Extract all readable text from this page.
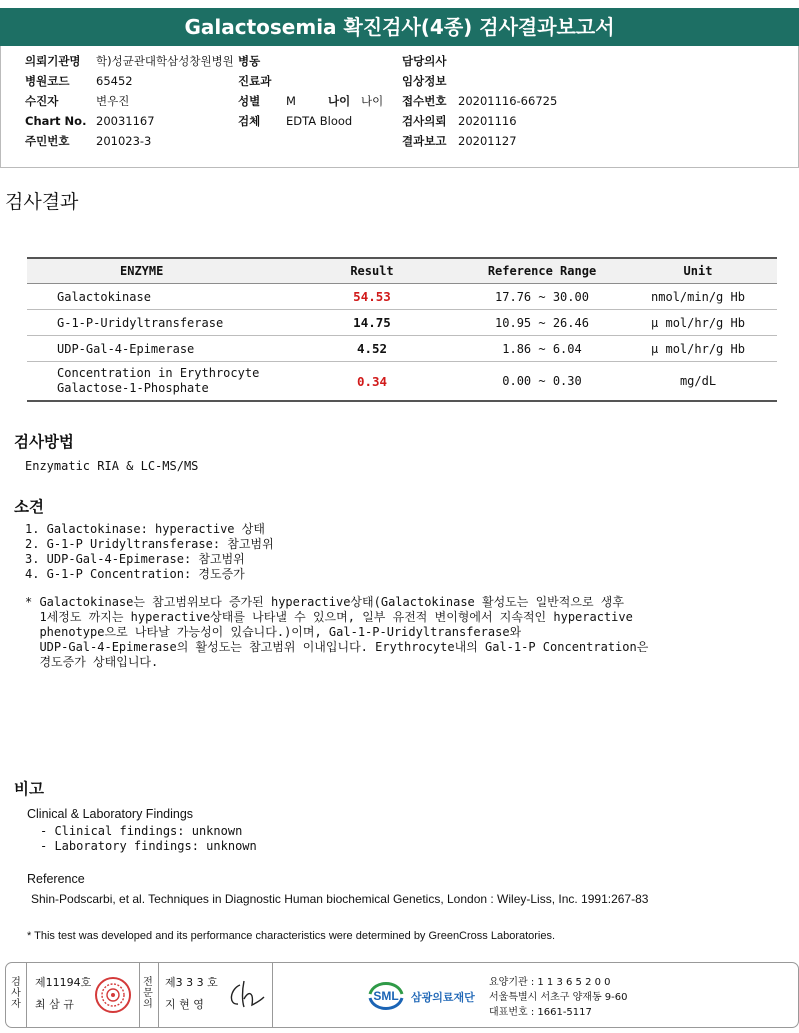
Galactosemia 확진검사(4종) 검사결과보고서
의뢰기관명 학)성균관대학삼성창원병원 병동
병원코드 65452	진료과
수진자	변우진	성별 M	나이 나이
Chart No. 20031167	검체 EDTA Blood
주민번호 201023-3
담당의사
임상정보
접수번호 20201116-66725
검사의뢰 20201116
결과보고 20201127
검사결과
ENZYME	Result	Reference Range	Unit
Galactokinase	54.53	17.76 ~ 30.00	nmol/min/g Hb
G-1-P-Uridyltransferase	14.75	10.95 ~ 26.46	μ mol/hr/g Hb
UDP-Gal-4-Epimerase	4.52	1.86 ~ 6.04	μ mol/hr/g Hb
Concentration in Erythrocyte
Galactose-1-Phosphate	0.34	0.00 ~ 0.30	mg/dL
검사방법
Enzymatic RIA & LC-MS/MS
소견
1. Galactokinase: hyperactive 상태
2. G-1-P Uridyltransferase: 참고범위
3. UDP-Gal-4-Epimerase: 참고범위
4. G-1-P Concentration: 경도증가
* Galactokinase는 참고범위보다 증가된 hyperactive상태(Galactokinase 활성도는 일반적으로 생후
1세정도 까지는 hyperactive상태를 나타낼 수 있으며, 일부 유전적 변이형에서 지속적인 hyperactive
phenotype으로 나타날 가능성이 있습니다.)이며, Gal-1-P-Uridyltransferase와
UDP-Gal-4-Epimerase의 활성도는 참고범위 이내입니다. Erythrocyte내의 Gal-1-P Concentration은
경도증가 상태입니다.
비고
Clinical & Laboratory Findings
- Clinical findings: unknown
- Laboratory findings: unknown
Reference
Shin-Podscarbi, et al. Techniques in Diagnostic Human biochemical Genetics, London : Wiley-Liss, Inc. 1991:267-83
* This test was developed and its performance characteristics were determined by GreenCross Laboratories.
검사자
제11194호
최 삼 규
전문의
제3 3 3 호
지 현 영
SML 삼광의료재단
요양기관 : 1 1 3 6 5 2 0 0
서울특별시 서초구 양재동 9-60
대표번호 : 1661-5117
